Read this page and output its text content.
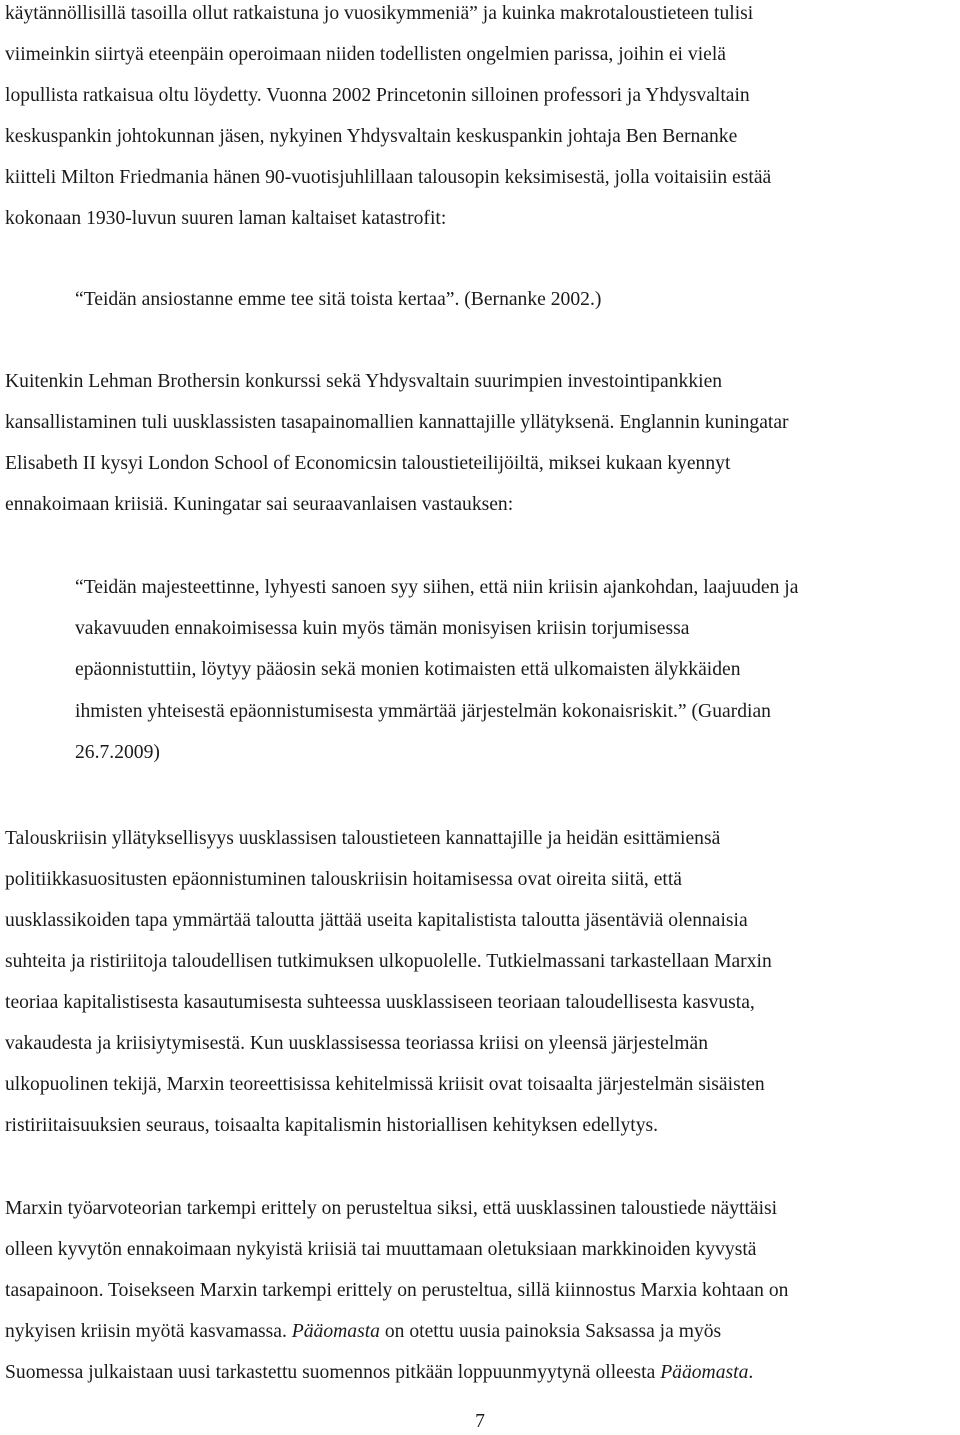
käytännöllisillä tasoilla ollut ratkaistuna jo vuosikymmeniä” ja kuinka makrotaloustieteen tulisi
viimeinkin siirtyä eteenpäin operoimaan niiden todellisten ongelmien parissa, joihin ei vielä
lopullista ratkaisua oltu löydetty. Vuonna 2002 Princetonin silloinen professori ja Yhdysvaltain
keskuspankin johtokunnan jäsen, nykyinen Yhdysvaltain keskuspankin johtaja Ben Bernanke
kiitteli Milton Friedmania hänen 90-vuotisjuhlillaan talousopin keksimisestä, jolla voitaisiin estää
kokonaan 1930-luvun suuren laman kaltaiset katastrofit:
“Teidän ansiostanne emme tee sitä toista kertaa”. (Bernanke 2002.)
Kuitenkin Lehman Brothersin konkurssi sekä Yhdysvaltain suurimpien investointipankkien
kansallistaminen tuli uusklassisten tasapainomallien kannattajille yllätyksenä. Englannin kuningatar
Elisabeth II kysyi London School of Economicsin taloustieteilijöiltä, miksei kukaan kyennyt
ennakoimaan kriisiä. Kuningatar sai seuraavanlaisen vastauksen:
“Teidän majesteettinne, lyhyesti sanoen syy siihen, että niin kriisin ajankohdan, laajuuden ja
vakavuuden ennakoimisessa kuin myös tämän monisyisen kriisin torjumisessa
epäonnistuttiin, löytyy pääosin sekä monien kotimaisten että ulkomaisten älykkäiden
ihmisten yhteisestä epäonnistumisesta ymmärtää järjestelmän kokonaisriskit.” (Guardian
26.7.2009)
Talouskriisin yllätyksellisyys uusklassisen taloustieteen kannattajille ja heidän esittämiensä
politiikkasuositusten epäonnistuminen talouskriisin hoitamisessa ovat oireita siitä, että
uusklassikoiden tapa ymmärtää taloutta jättää useita kapitalistista taloutta jäsentäviä olennaisia
suhteita ja ristiriitoja taloudellisen tutkimuksen ulkopuolelle. Tutkielmassani tarkastellaan Marxin
teoriaa kapitalistisesta kasautumisesta suhteessa uusklassiseen teoriaan taloudellisesta kasvusta,
vakaudesta ja kriisiytymisestä. Kun uusklassisessa teoriassa kriisi on yleensä järjestelmän
ulkopuolinen tekijä, Marxin teoreettisissa kehitelmissä kriisit ovat toisaalta järjestelmän sisäisten
ristiriitaisuuksien seuraus, toisaalta kapitalismin historiallisen kehityksen edellytys.
Marxin työarvoteorian tarkempi erittely on perusteltua siksi, että uusklassinen taloustiede näyttäisi
olleen kyvytön ennakoimaan nykyistä kriisiä tai muuttamaan oletuksiaan markkinoiden kyvystä
tasapainoon. Toisekseen Marxin tarkempi erittely on perusteltua, sillä kiinnostus Marxia kohtaan on
nykyisen kriisin myötä kasvamassa. Pääomasta on otettu uusia painoksia Saksassa ja myös
Suomessa julkaistaan uusi tarkastettu suomennos pitkään loppuunmyytynä olleesta Pääomasta.
7
